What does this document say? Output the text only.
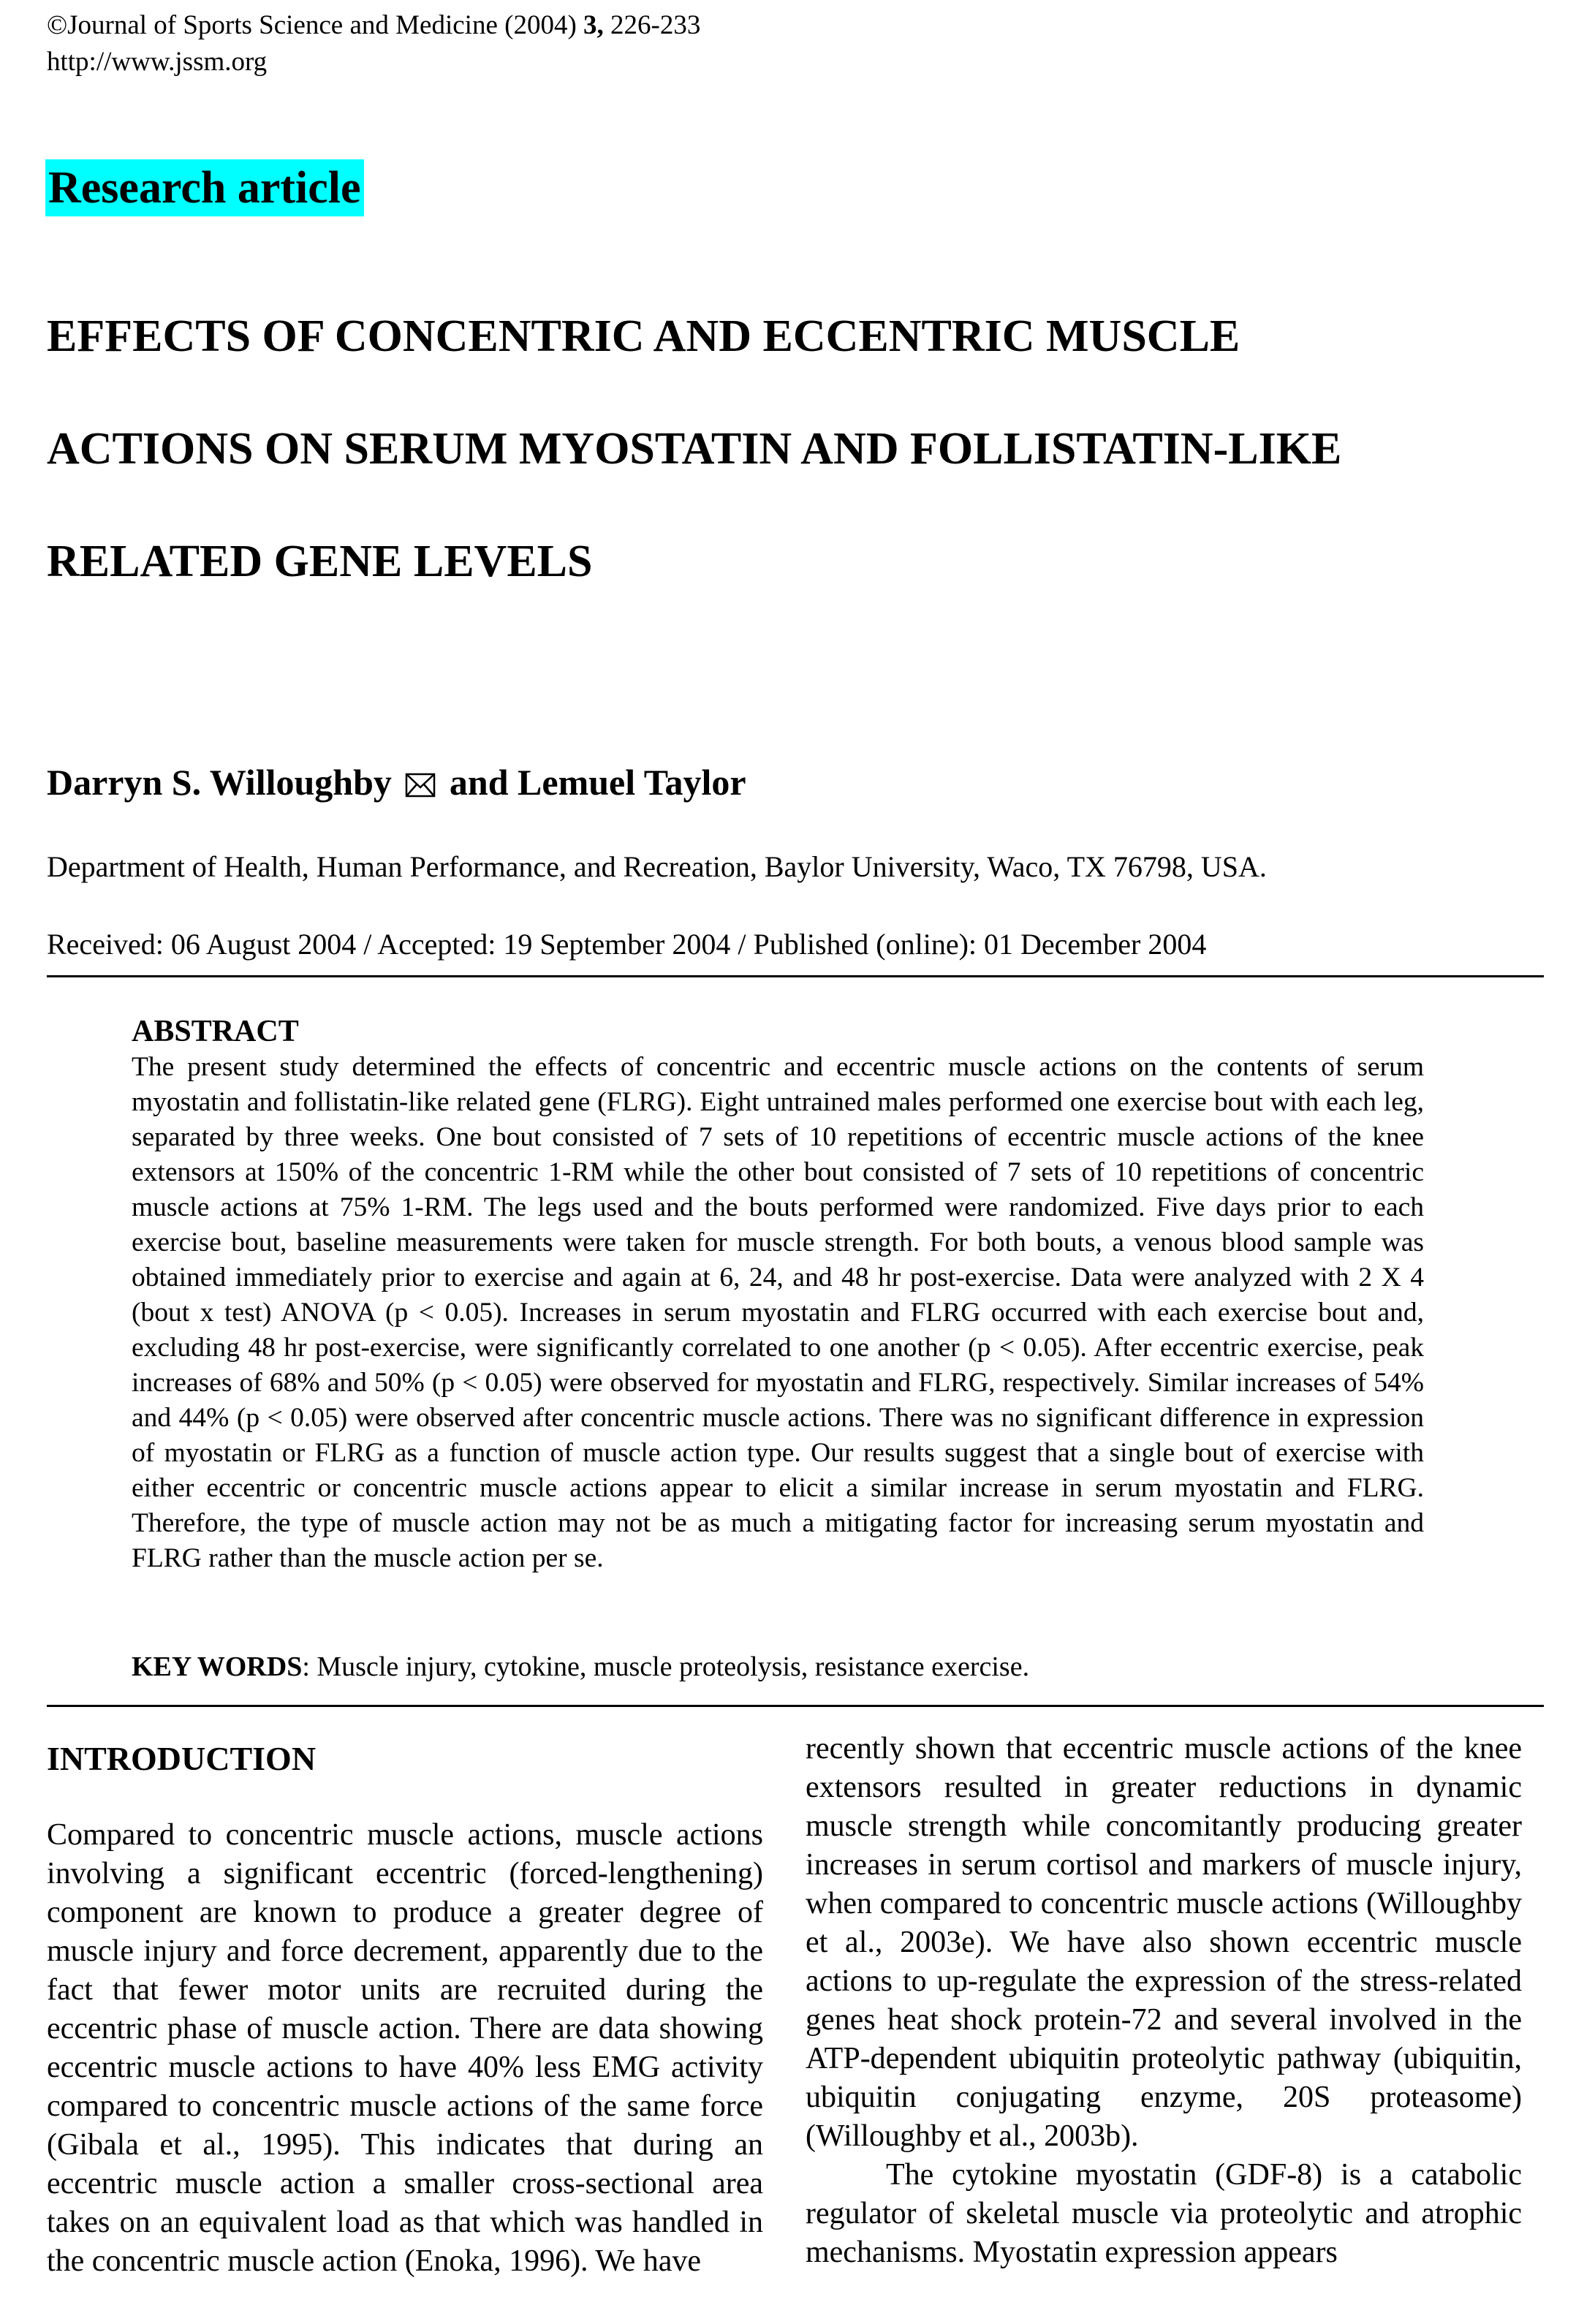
©Journal of Sports Science and Medicine (2004) 3, 226-233
http://www.jssm.org
Research article
EFFECTS OF CONCENTRIC AND ECCENTRIC MUSCLE
ACTIONS ON SERUM MYOSTATIN AND FOLLISTATIN-LIKE
RELATED GENE LEVELS
Darryn S. Willoughby and Lemuel Taylor
Department of Health, Human Performance, and Recreation, Baylor University, Waco, TX 76798, USA.
Received: 06 August 2004 / Accepted: 19 September 2004 / Published (online): 01 December 2004
ABSTRACT
The present study determined the effects of concentric and eccentric muscle actions on the contents of serum myostatin and follistatin-like related gene (FLRG). Eight untrained males performed one exercise bout with each leg, separated by three weeks. One bout consisted of 7 sets of 10 repetitions of eccentric muscle actions of the knee extensors at 150% of the concentric 1-RM while the other bout consisted of 7 sets of 10 repetitions of concentric muscle actions at 75% 1-RM. The legs used and the bouts performed were randomized. Five days prior to each exercise bout, baseline measurements were taken for muscle strength. For both bouts, a venous blood sample was obtained immediately prior to exercise and again at 6, 24, and 48 hr post-exercise. Data were analyzed with 2 X 4 (bout x test) ANOVA (p < 0.05). Increases in serum myostatin and FLRG occurred with each exercise bout and, excluding 48 hr post-exercise, were significantly correlated to one another (p < 0.05). After eccentric exercise, peak increases of 68% and 50% (p < 0.05) were observed for myostatin and FLRG, respectively. Similar increases of 54% and 44% (p < 0.05) were observed after concentric muscle actions. There was no significant difference in expression of myostatin or FLRG as a function of muscle action type. Our results suggest that a single bout of exercise with either eccentric or concentric muscle actions appear to elicit a similar increase in serum myostatin and FLRG. Therefore, the type of muscle action may not be as much a mitigating factor for increasing serum myostatin and FLRG rather than the muscle action per se.
KEY WORDS: Muscle injury, cytokine, muscle proteolysis, resistance exercise.
INTRODUCTION

Compared to concentric muscle actions, muscle actions involving a significant eccentric (forced-lengthening) component are known to produce a greater degree of muscle injury and force decrement, apparently due to the fact that fewer motor units are recruited during the eccentric phase of muscle action. There are data showing eccentric muscle actions to have 40% less EMG activity compared to concentric muscle actions of the same force (Gibala et al., 1995). This indicates that during an eccentric muscle action a smaller cross-sectional area takes on an equivalent load as that which was handled in the concentric muscle action (Enoka, 1996). We have

recently shown that eccentric muscle actions of the knee extensors resulted in greater reductions in dynamic muscle strength while concomitantly producing greater increases in serum cortisol and markers of muscle injury, when compared to concentric muscle actions (Willoughby et al., 2003e). We have also shown eccentric muscle actions to up-regulate the expression of the stress-related genes heat shock protein-72 and several involved in the ATP-dependent ubiquitin proteolytic pathway (ubiquitin, ubiquitin conjugating enzyme, 20S proteasome) (Willoughby et al., 2003b).

The cytokine myostatin (GDF-8) is a catabolic regulator of skeletal muscle via proteolytic and atrophic mechanisms. Myostatin expression appears
